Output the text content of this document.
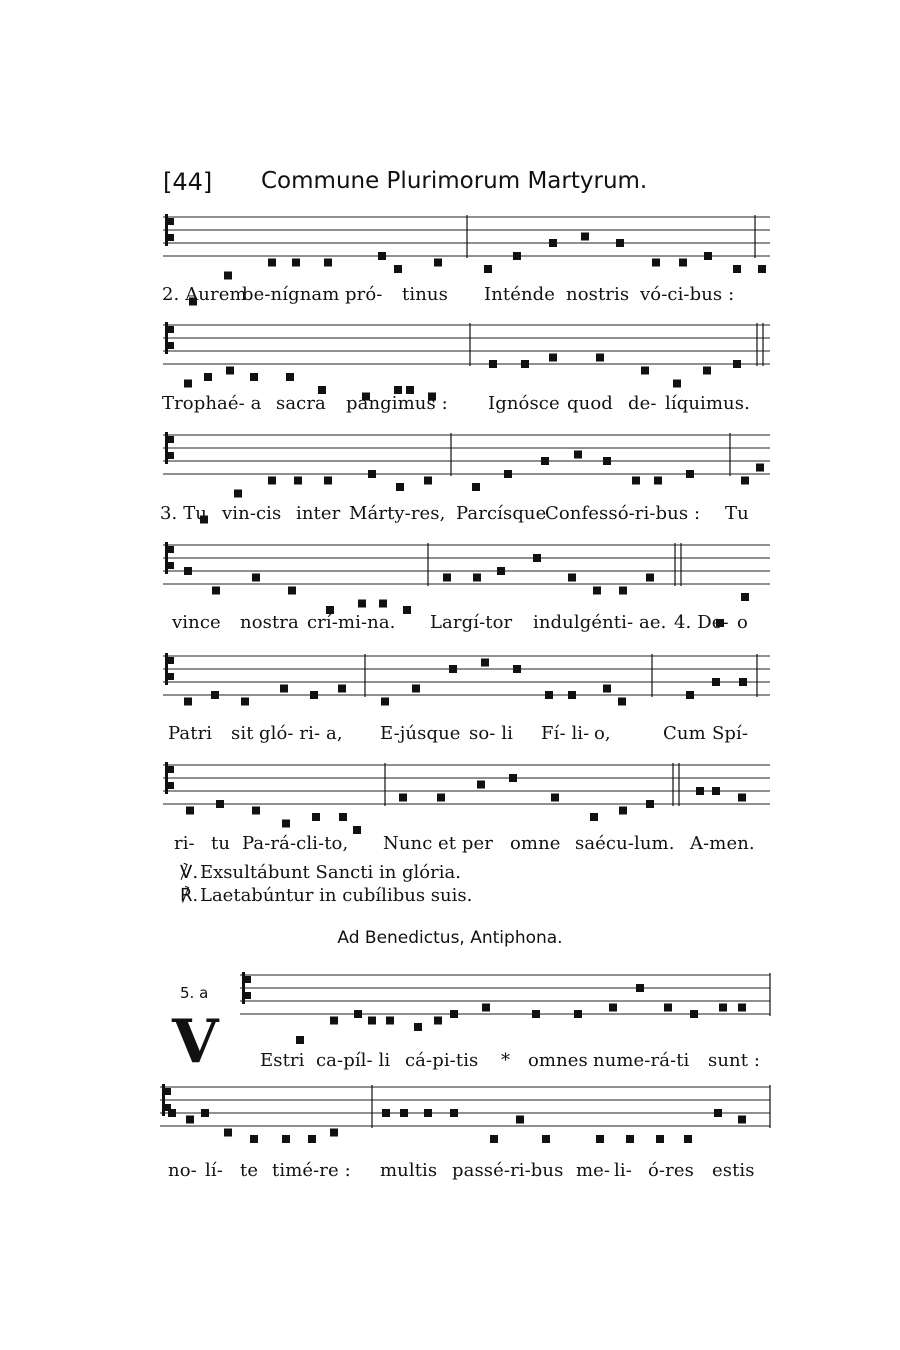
[44] Commune Plurimorum Martyrum.
2. Aurem
be-nígnam pró- tinus Inténde nostris vó-ci-bus :
Trophaé- a sacra pángimus : Ignósce quod de- líquimus.
3. Tu vin-cis inter Márty-res, Parcísque
Confessó-ri-bus : Tu
vince nostra crí-mi-na. Largí-tor indulgénti- ae. 4. De- o
Patri sit gló- ri- a, E-júsque so- li Fí- li- o,	Cum Spí-
ri- tu Pa-rá-cli-to, Nunc et per omne saécu-lum. A-men.
℣. Exsultábunt Sancti in glória.
℟. Laetabúntur in cubílibus suis.
Ad Benedictus, Antiphona.
5. a
V Estri ca-píl- li cá-pi-tis * omnes nume-rá-ti sunt :
no- lí- te timé-re : multis passé-ri-bus me- li- ó-res estis
